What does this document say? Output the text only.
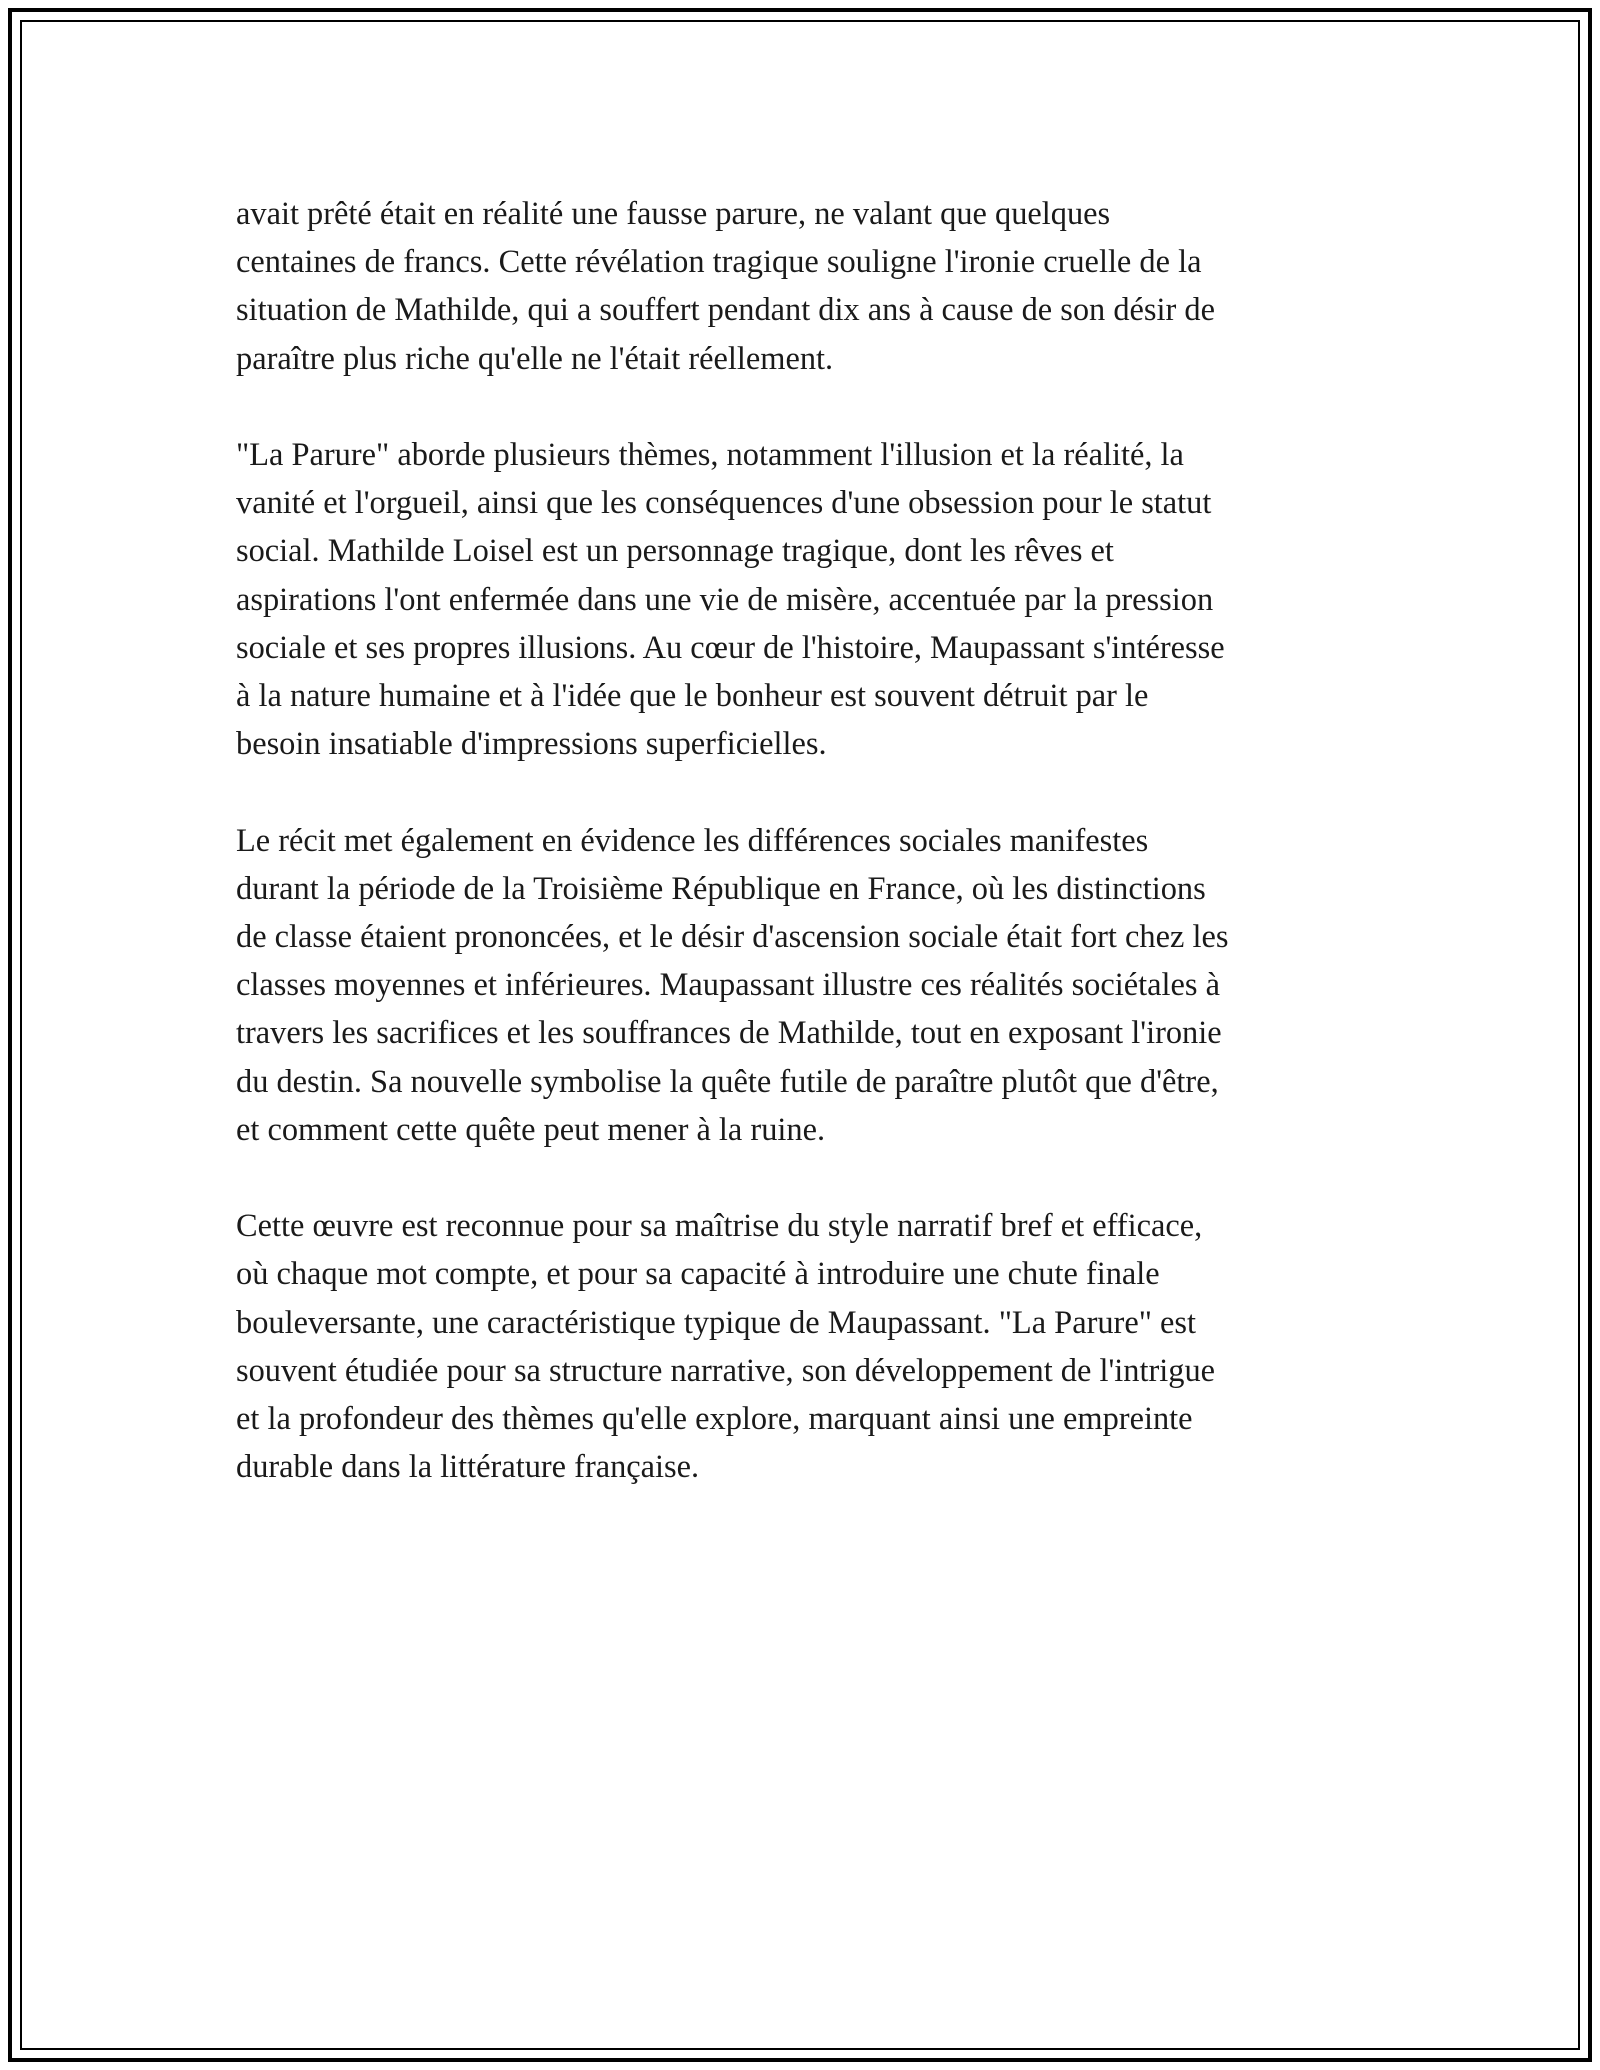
avait prêté était en réalité une fausse parure, ne valant que quelques
centaines de francs. Cette révélation tragique souligne l'ironie cruelle de la
situation de Mathilde, qui a souffert pendant dix ans à cause de son désir de
paraître plus riche qu'elle ne l'était réellement.

"La Parure" aborde plusieurs thèmes, notamment l'illusion et la réalité, la
vanité et l'orgueil, ainsi que les conséquences d'une obsession pour le statut
social. Mathilde Loisel est un personnage tragique, dont les rêves et
aspirations l'ont enfermée dans une vie de misère, accentuée par la pression
sociale et ses propres illusions. Au cœur de l'histoire, Maupassant s'intéresse
à la nature humaine et à l'idée que le bonheur est souvent détruit par le
besoin insatiable d'impressions superficielles.

Le récit met également en évidence les différences sociales manifestes
durant la période de la Troisième République en France, où les distinctions
de classe étaient prononcées, et le désir d'ascension sociale était fort chez les
classes moyennes et inférieures. Maupassant illustre ces réalités sociétales à
travers les sacrifices et les souffrances de Mathilde, tout en exposant l'ironie
du destin. Sa nouvelle symbolise la quête futile de paraître plutôt que d'être,
et comment cette quête peut mener à la ruine.

Cette œuvre est reconnue pour sa maîtrise du style narratif bref et efficace,
où chaque mot compte, et pour sa capacité à introduire une chute finale
bouleversante, une caractéristique typique de Maupassant. "La Parure" est
souvent étudiée pour sa structure narrative, son développement de l'intrigue
et la profondeur des thèmes qu'elle explore, marquant ainsi une empreinte
durable dans la littérature française.
